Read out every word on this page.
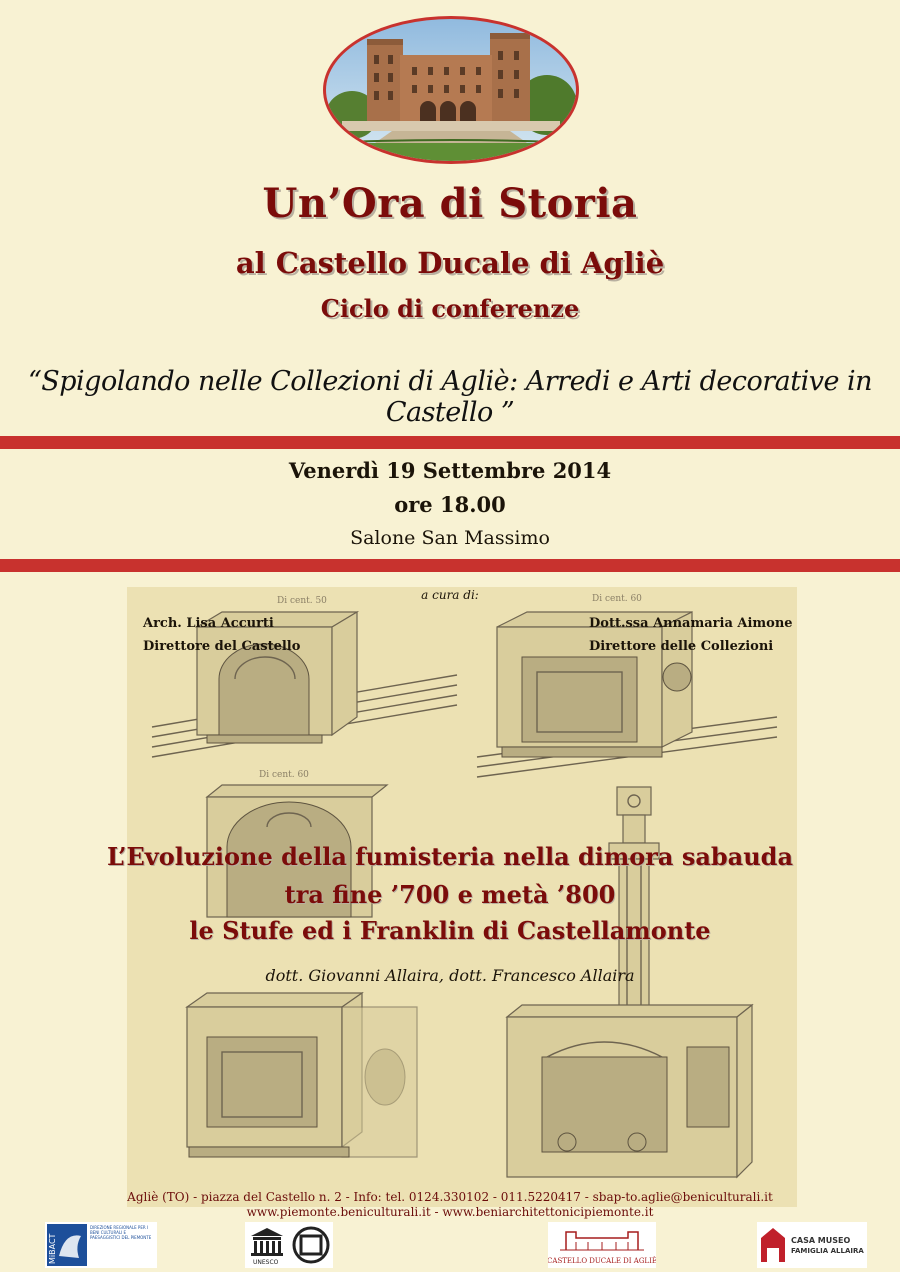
Un’Ora di Storia
al Castello Ducale di Agliè
Ciclo di conferenze
“Spigolando nelle Collezioni di Agliè: Arredi e Arti decorative in Castello ”
Venerdì 19 Settembre 2014
ore 18.00
Salone San Massimo
Di cent. 50	Di cent. 60
Di cent. 60
a cura di:
Arch. Lisa Accurti
Direttore del Castello
Dott.ssa Annamaria Aimone
Direttore delle Collezioni
L’Evoluzione della fumisteria nella dimora sabauda
tra fine ’700 e metà ’800
le Stufe ed i Franklin di Castellamonte
dott. Giovanni Allaira, dott. Francesco Allaira
Agliè (TO) - piazza del Castello n. 2 - Info: tel. 0124.330102 - 011.5220417 - sbap-to.aglie@beniculturali.it
www.piemonte.beniculturali.it - www.beniarchitettonicipiemonte.it
MiBACT
DIREZIONE REGIONALE PER I BENI CULTURALI E PAESAGGISTICI DEL PIEMONTE
UNESCO	CASTELLO DUCALE DI AGLIÈ
CASA MUSEO
FAMIGLIA ALLAIRA
